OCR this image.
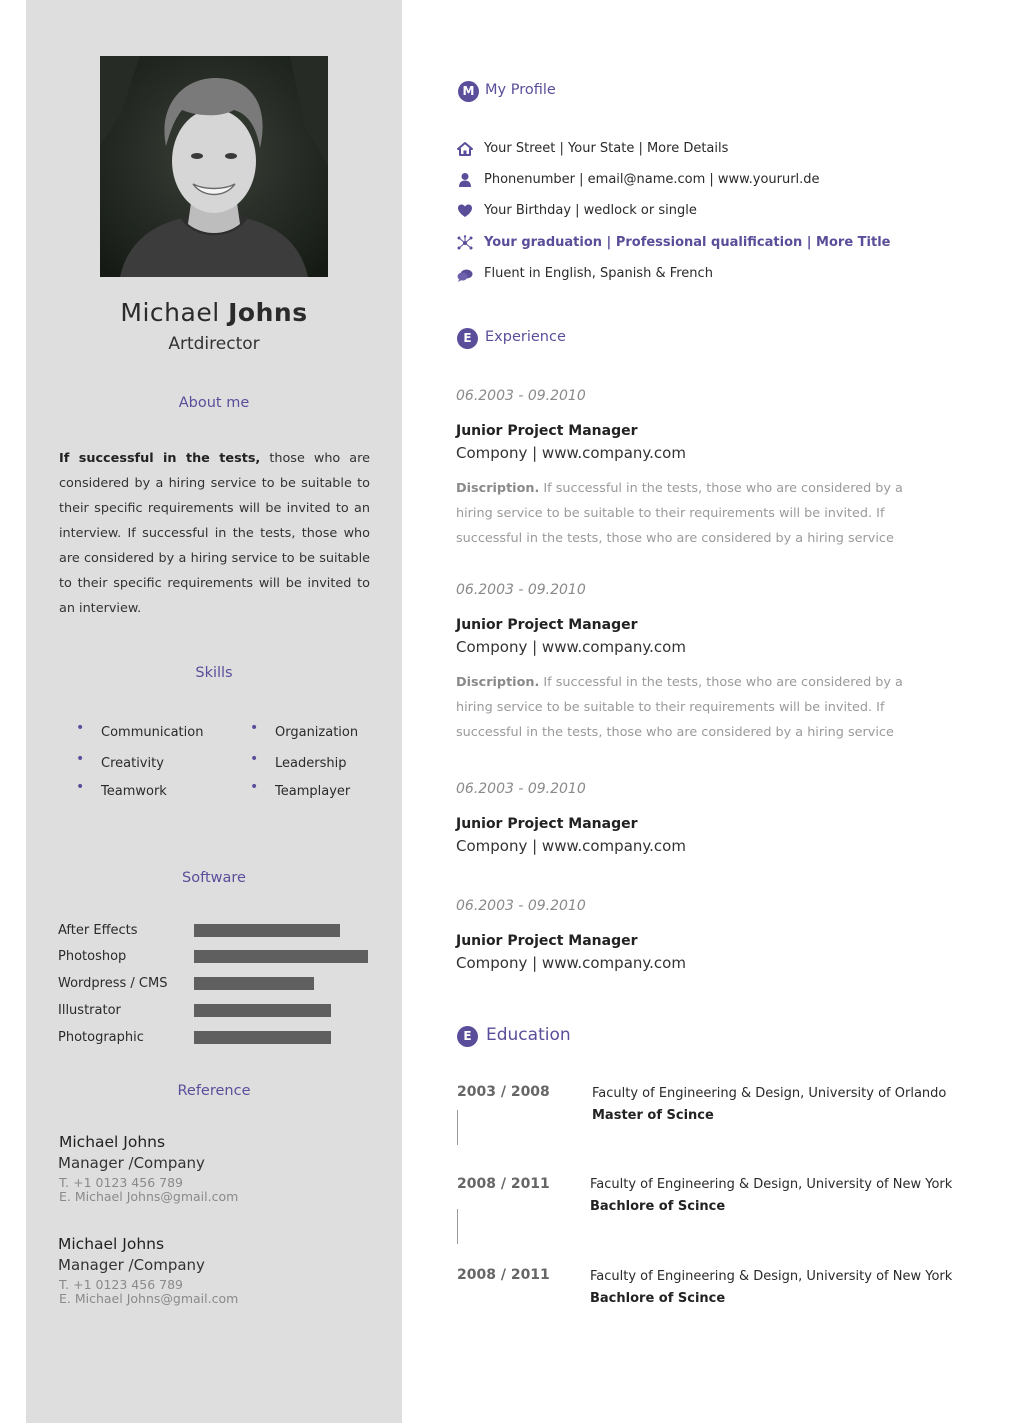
Michael Johns
Artdirector
About me
If successful in the tests, those who are considered by a hiring service to be suitable to their specific requirements will be invited to an interview. If successful in the tests, those who are considered by a hiring service to be suitable to their specific requirements will be invited to an interview.
Skills
• Communication	• Organization
• Creativity	• Leadership
• Teamwork	• Teamplayer
Software
After Effects
Photoshop
Wordpress / CMS
Illustrator
Photographic
Reference
Michael Johns
Manager /Company
T. +1 0123 456 789
E. Michael Johns@gmail.com
Michael Johns
Manager /Company
T. +1 0123 456 789
E. Michael Johns@gmail.com
M My Profile
Your Street | Your State | More Details
Phonenumber | email@name.com | www.yoururl.de
Your Birthday | wedlock or single
Your graduation | Professional qualification | More Title
Fluent in English, Spanish & French
E Experience
06.2003 - 09.2010
Junior Project Manager
Compony | www.company.com
Discription. If successful in the tests, those who are considered by a hiring service to be suitable to their requirements will be invited. If successful in the tests, those who are considered by a hiring service
06.2003 - 09.2010
Junior Project Manager
Compony | www.company.com
Discription. If successful in the tests, those who are considered by a hiring service to be suitable to their requirements will be invited. If successful in the tests, those who are considered by a hiring service
06.2003 - 09.2010
Junior Project Manager
Compony | www.company.com
06.2003 - 09.2010
Junior Project Manager
Compony | www.company.com
E Education
2003 / 2008	Faculty of Engineering & Design, University of Orlando
Master of Scince
2008 / 2011	Faculty of Engineering & Design, University of New York
Bachlore of Scince
2008 / 2011	Faculty of Engineering & Design, University of New York
Bachlore of Scince
